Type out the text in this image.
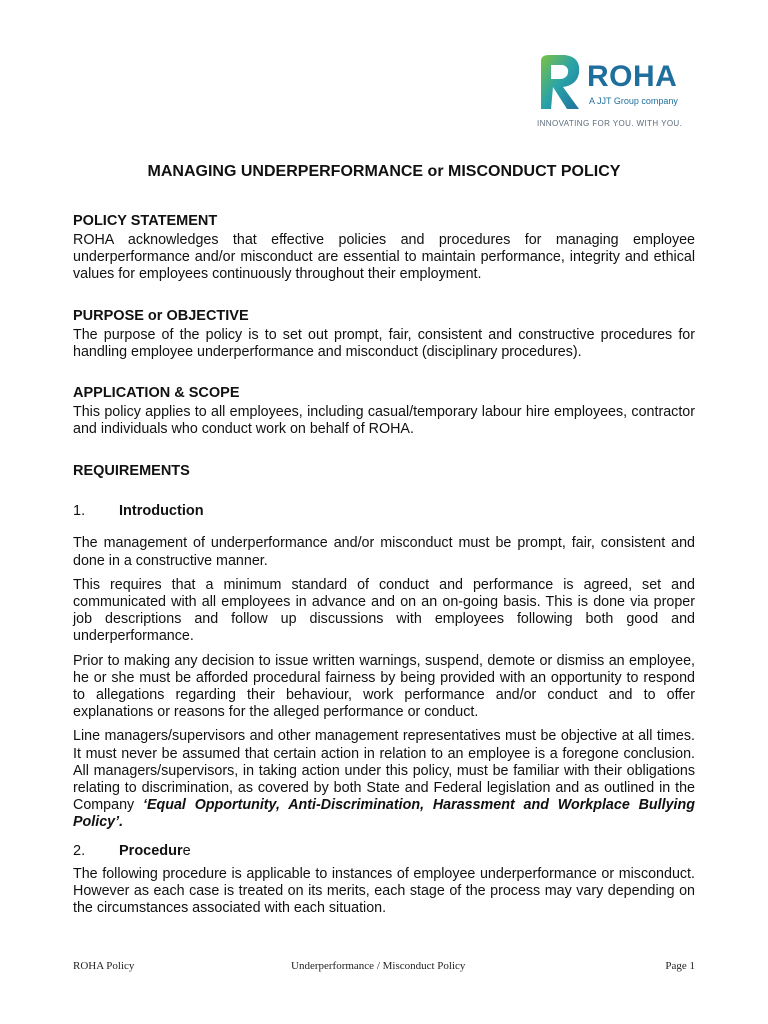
ROHA
A JJT Group company
INNOVATING FOR YOU. WITH YOU.
MANAGING UNDERPERFORMANCE or MISCONDUCT POLICY
POLICY STATEMENT

ROHA acknowledges that effective policies and procedures for managing employee underperformance and/or misconduct are essential to maintain performance, integrity and ethical values for employees continuously throughout their employment.

PURPOSE or OBJECTIVE

The purpose of the policy is to set out prompt, fair, consistent and constructive procedures for handling employee underperformance and misconduct (disciplinary procedures).

APPLICATION & SCOPE

This policy applies to all employees, including casual/temporary labour hire employees, contractor and individuals who conduct work on behalf of ROHA.

REQUIREMENTS
1. Introduction

The management of underperformance and/or misconduct must be prompt, fair, consistent and done in a constructive manner.

This requires that a minimum standard of conduct and performance is agreed, set and communicated with all employees in advance and on an on-going basis. This is done via proper job descriptions and follow up discussions with employees following both good and underperformance.

Prior to making any decision to issue written warnings, suspend, demote or dismiss an employee, he or she must be afforded procedural fairness by being provided with an opportunity to respond to allegations regarding their behaviour, work performance and/or conduct and to offer explanations or reasons for the alleged performance or conduct.

Line managers/supervisors and other management representatives must be objective at all times. It must never be assumed that certain action in relation to an employee is a foregone conclusion. All managers/supervisors, in taking action under this policy, must be familiar with their obligations relating to discrimination, as covered by both State and Federal legislation and as outlined in the Company ‘Equal Opportunity, Anti-Discrimination, Harassment and Workplace Bullying Policy’.

2. Procedure

The following procedure is applicable to instances of employee underperformance or misconduct. However as each case is treated on its merits, each stage of the process may vary depending on the circumstances associated with each situation.

ROHA Policy	Underperformance / Misconduct Policy	Page 1
